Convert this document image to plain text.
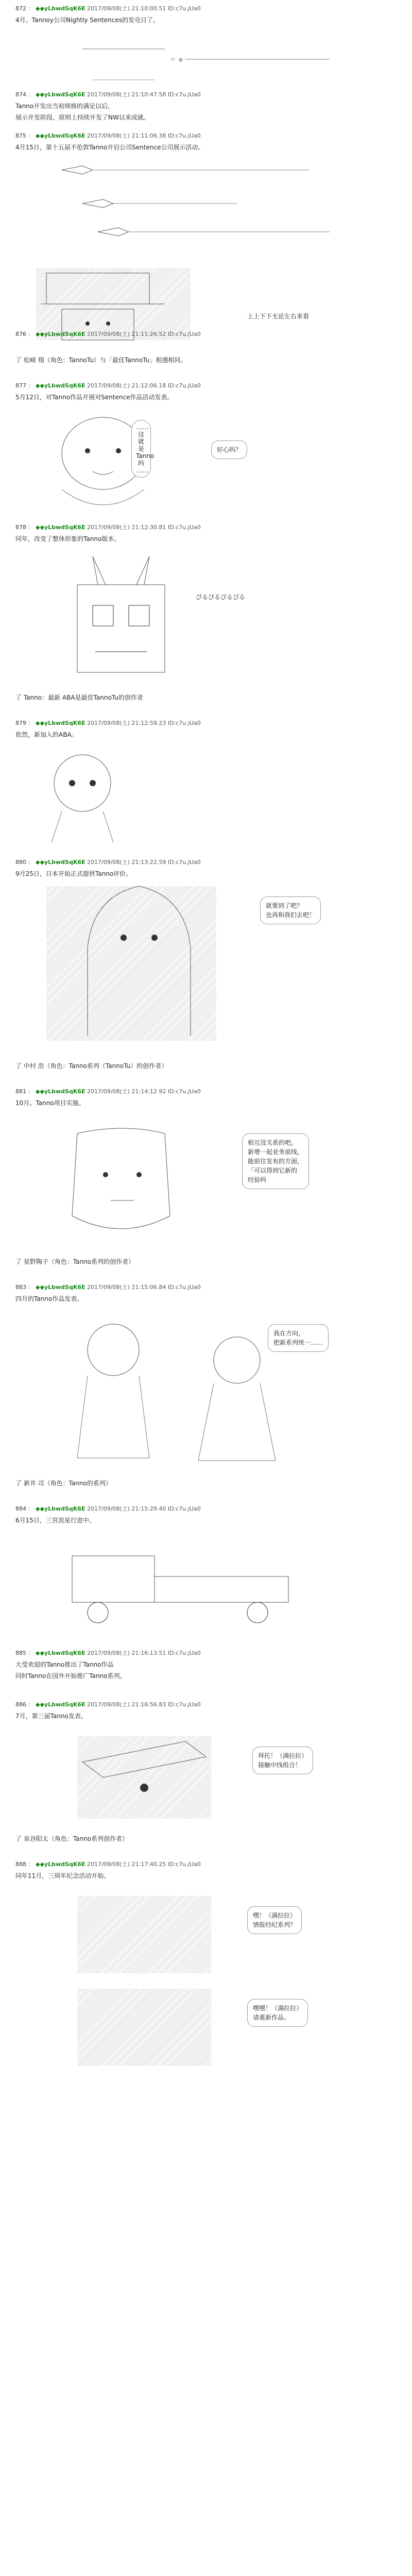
872 ： ◆◆yLbwdSqK6E 2017/09/08(土) 21:10:00.51 ID:c7u.jUa0

4月。Tannoy公司Nightly Sentences的发売日了。

＝ ◎
874 ： ◆◆yLbwdSqK6E 2017/09/08(土) 21:10:47.58 ID:c7u.jUa0

Tanno开发出当初规格的满足以后，

展示开发阶段，原则上持续开发了NW以来成就。

875 ： ◆◆yLbwdSqK6E 2017/09/08(土) 21:11:06.38 ID:c7u.jUa0

4月15日，第十五届不伦敦Tanno开启公司Sentence公司展示活动。

上上下下无论左右来看
876 ： ◆◆yLbwdSqK6E 2017/09/08(土) 21:11:26.52 ID:c7u.jUa0
了 松崎 翔（角色：TannoTu）与「最佳TannoTu」相遇相同。
877 ： ◆◆yLbwdSqK6E 2017/09/08(土) 21:12:06.18 ID:c7u.jUa0

5月12日，对Tanno作品开展对Sentence作品活动发表。

……
这就是
Tanno
吗
……
好心吗？
878 ： ◆◆yLbwdSqK6E 2017/09/08(土) 21:12:30.81 ID:c7u.jUa0

同年，改变了整体形象的Tanno版本。

ぴるぴるぴるぴる
了 Tanno：最新 ABA是最佳TannoTu的创作者
879 ： ◆◆yLbwdSqK6E 2017/09/08(土) 21:12:59.23 ID:c7u.jUa0

依然，新加入的ABA。

880 ： ◆◆yLbwdSqK6E 2017/09/08(土) 21:13:22.59 ID:c7u.jUa0

9月25日，日本开始正式提供Tanno评价。

就要到了吧？
也再和我们去吧！
了 中村 浩（角色：Tanno系列（TannoTu）的创作者）
881 ： ◆◆yLbwdSqK6E 2017/09/08(土) 21:14:12.92 ID:c7u.jUa0

10月。Tanno项目实施。

相互没关系的吧。
新增一起业务前线，
能前往发布的方面，
「可以得到它新的
经验吗
了 星野陶子（角色：Tanno系列的创作者）
883 ： ◆◆yLbwdSqK6E 2017/09/08(土) 21:15:06.84 ID:c7u.jUa0

四月的Tanno作品发表。

我在方向，
把新系列统一……
了 新井 司（角色：Tanno的系列）
884 ： ◆◆yLbwdSqK6E 2017/09/08(土) 21:15:29.40 ID:c7u.jUa0

6月15日，三宮流星行进中。

885 ： ◆◆yLbwdSqK6E 2017/09/08(土) 21:16:13.51 ID:c7u.jUa0

大受欢迎的Tanno推出了Tanno作品

同时Tanno在国外开始推广Tanno系列。

886 ： ◆◆yLbwdSqK6E 2017/09/08(土) 21:16:56.83 ID:c7u.jUa0

7月，第三届Tanno发表。

拜托！（满拉拉）
接触中线组合！
了 泉谷阳太（角色：Tanno系列创作者）
888 ： ◆◆yLbwdSqK6E 2017/09/08(土) 21:17:40.25 ID:c7u.jUa0

同年11月，三周年纪念活动开始。

嘿！（满拉拉）
情报经纪系列？
嘿嘿！（满拉拉）
请重新作品。
